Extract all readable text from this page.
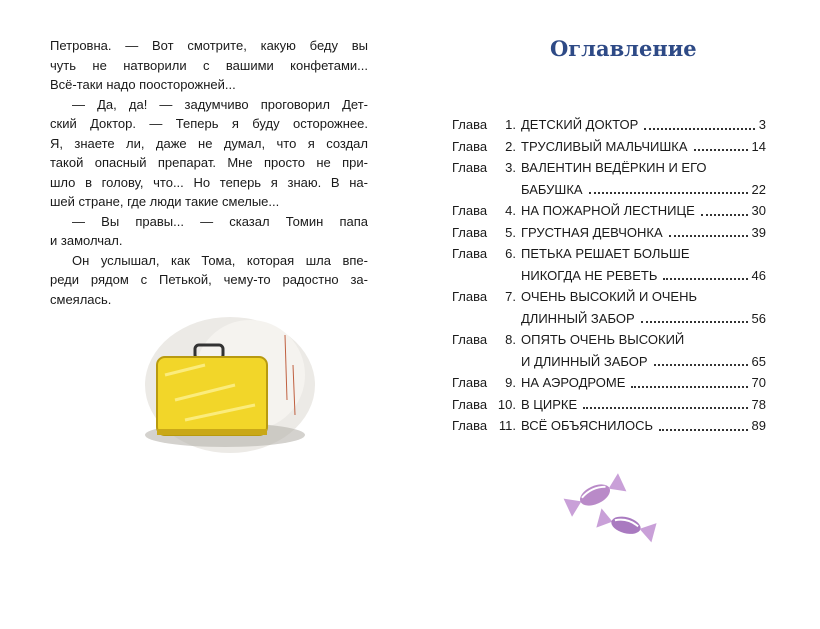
Петровна. — Вот смотрите, какую беду вы
чуть не натворили с вашими конфетами...
Всё-таки надо поосторожней...
— Да, да! — задумчиво проговорил Дет-
ский Доктор. — Теперь я буду осторожнее.
Я, знаете ли, даже не думал, что я создал
такой опасный препарат. Мне просто не при-
шло в голову, что... Но теперь я знаю. В на-
шей стране, где люди такие смелые...
— Вы правы... — сказал Томин папа
и замолчал.
Он услышал, как Тома, которая шла впе-
реди рядом с Петькой, чему-то радостно за-
смеялась.
Оглавление
Глава	1. ДЕТСКИЙ ДОКТОР	3
Глава	2. ТРУСЛИВЫЙ МАЛЬЧИШКА	14
Глава	3. ВАЛЕНТИН ВЕДЁРКИН И ЕГО
БАБУШКА	22
Глава	4. НА ПОЖАРНОЙ ЛЕСТНИЦЕ	30
Глава	5. ГРУСТНАЯ ДЕВЧОНКА	39
Глава	6. ПЕТЬКА РЕШАЕТ БОЛЬШЕ
НИКОГДА НЕ РЕВЕТЬ	46
Глава	7. ОЧЕНЬ ВЫСОКИЙ И ОЧЕНЬ
ДЛИННЫЙ ЗАБОР	56
Глава	8. ОПЯТЬ ОЧЕНЬ ВЫСОКИЙ
И ДЛИННЫЙ ЗАБОР	65
Глава	9. НА АЭРОДРОМЕ	70
Глава 10. В ЦИРКЕ	78
Глава 11. ВСЁ ОБЪЯСНИЛОСЬ	89
